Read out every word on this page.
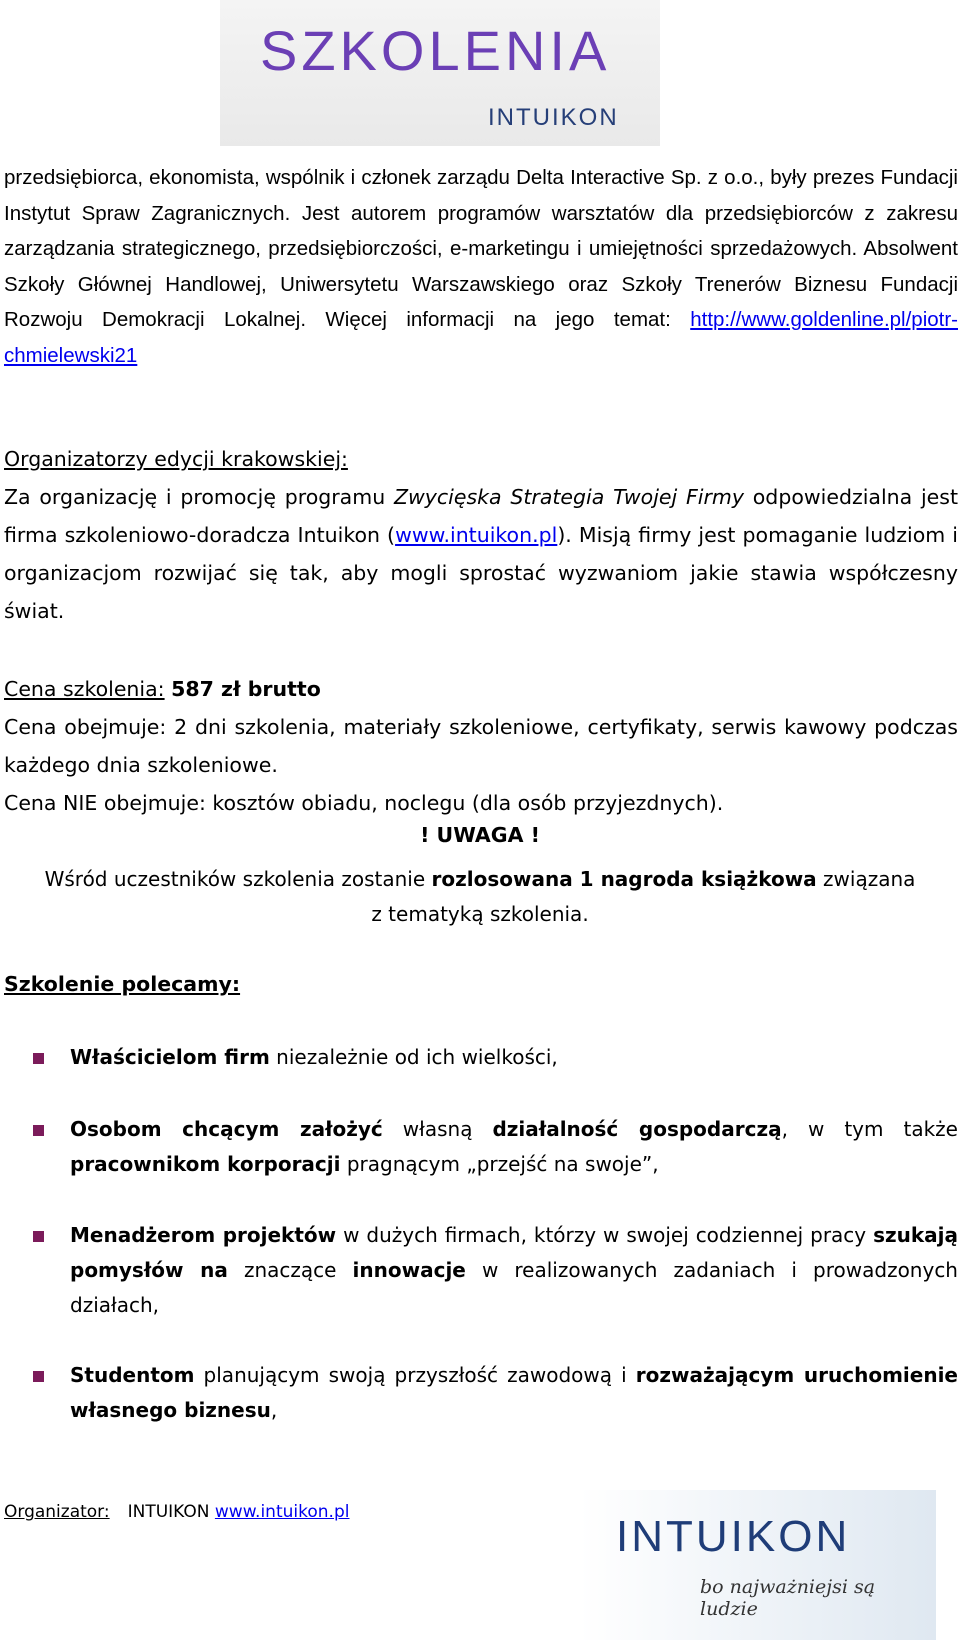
SZKOLENIA
INTUIKON
przedsiębiorca, ekonomista, wspólnik i członek zarządu Delta Interactive Sp. z o.o., były prezes Fundacji Instytut Spraw Zagranicznych. Jest autorem programów warsztatów dla przedsiębiorców z zakresu zarządzania strategicznego, przedsiębiorczości, e-marketingu i umiejętności sprzedażowych. Absolwent Szkoły Głównej Handlowej, Uniwersytetu Warszawskiego oraz Szkoły Trenerów Biznesu Fundacji Rozwoju Demokracji Lokalnej. Więcej informacji na jego temat: http://www.goldenline.pl/piotr-chmielewski21
Organizatorzy edycji krakowskiej:
Za organizację i promocję programu Zwycięska Strategia Twojej Firmy odpowiedzialna jest firma szkoleniowo-doradcza Intuikon (www.intuikon.pl). Misją firmy jest pomaganie ludziom i organizacjom rozwijać się tak, aby mogli sprostać wyzwaniom jakie stawia współczesny świat.
Cena szkolenia: 587 zł brutto
Cena obejmuje: 2 dni szkolenia, materiały szkoleniowe, certyfikaty, serwis kawowy podczas każdego dnia szkoleniowe.
Cena NIE obejmuje: kosztów obiadu, noclegu (dla osób przyjezdnych).
! UWAGA !
Wśród uczestników szkolenia zostanie rozlosowana 1 nagroda książkowa związana
z tematyką szkolenia.
Szkolenie polecamy:
Właścicielom firm niezależnie od ich wielkości,
Osobom chcącym założyć własną działalność gospodarczą, w tym także pracownikom korporacji pragnącym „przejść na swoje”,
Menadżerom projektów w dużych firmach, którzy w swojej codziennej pracy szukają pomysłów na znaczące innowacje w realizowanych zadaniach i prowadzonych działach,
Studentom planującym swoją przyszłość zawodową i rozważającym uruchomienie własnego biznesu,
Organizator: INTUIKON www.intuikon.pl	INTUIKON
bo najważniejsi są ludzie
